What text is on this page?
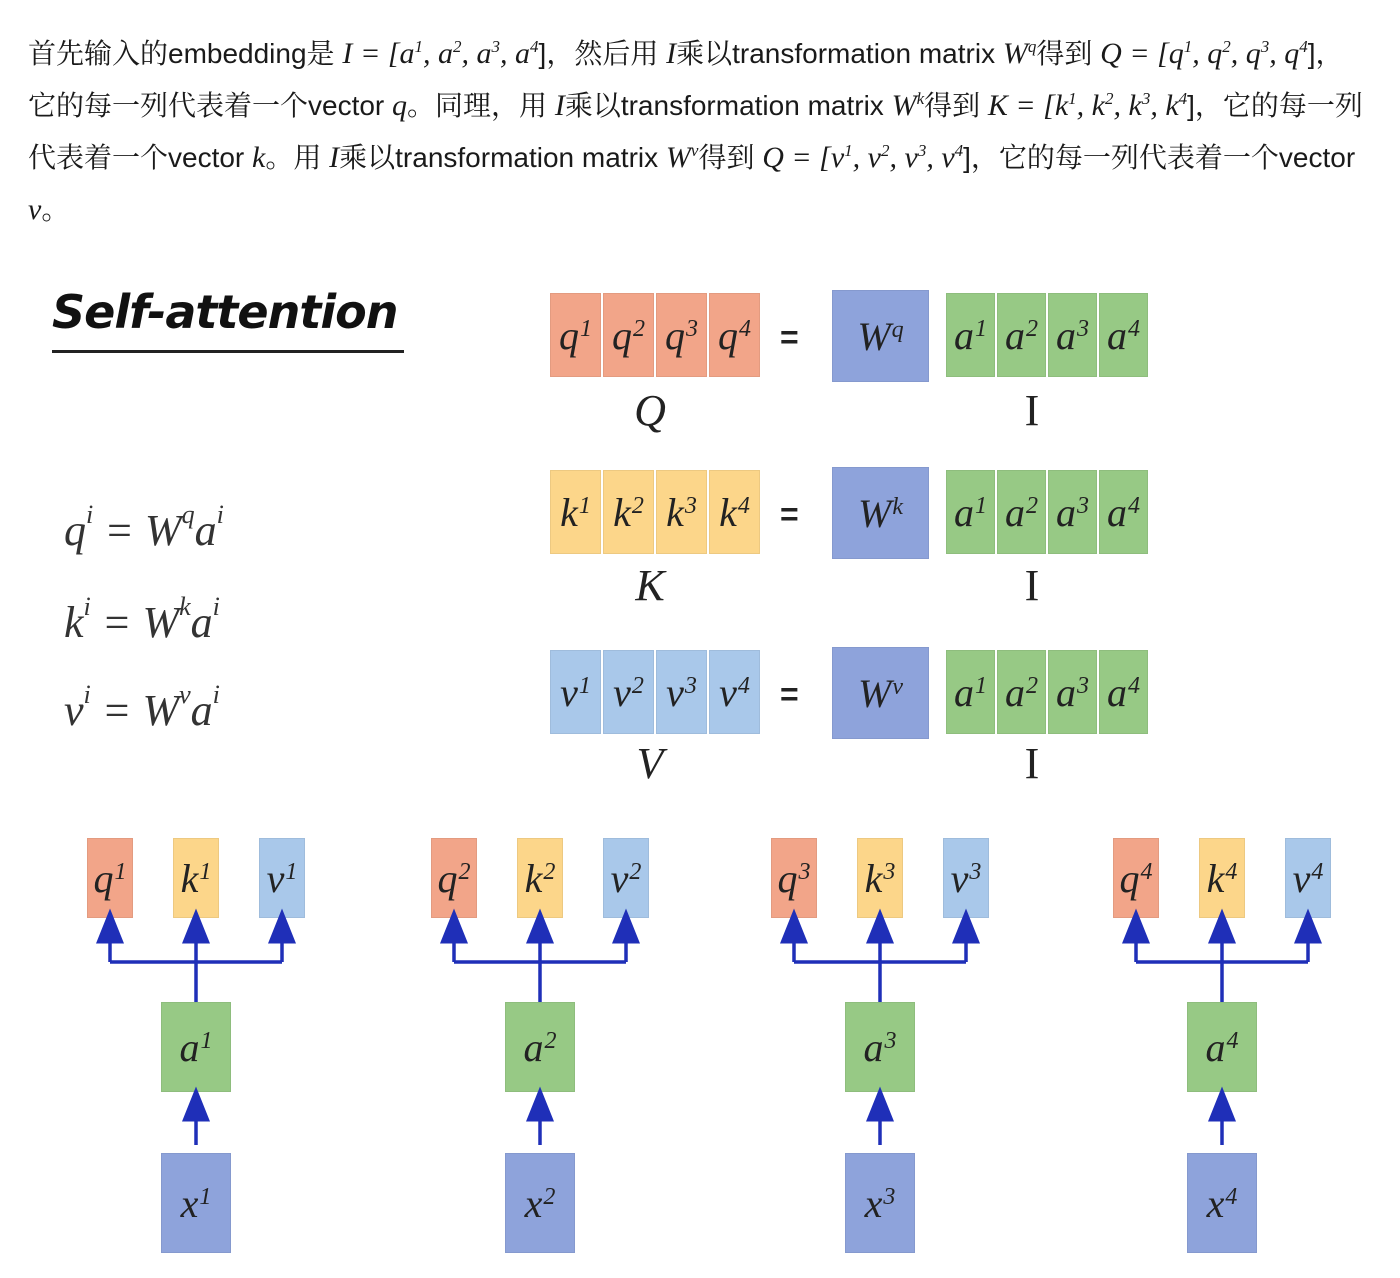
首先输入的embedding是 $I = [a^1$, $a^2$, $a^3$, $a^4$]，然后用 I乘以transformation matrix $W^q$得到 $Q = [q^1$, $q^2$, $q^3$, $q^4$]，它的每一列代表着一个vector q。同理，用 I乘以transformation matrix $W^k$得到 $K = [k^1$, $k^2$, $k^3$, $k^4$]，它的每一列代表着一个vector k。用 I乘以transformation matrix $W^v$得到 $Q = [v^1$, $v^2$, $v^3$, $v^4$]，它的每一列代表着一个vector v。
Self-attention
$q^i = W^qa^i$
$k^i = W^ka^i$
$v^i = W^va^i$
$q^1$ $q^2$ $q^3$ $q^4$
Q
= $W^q$ $a^1$ $a^2$ $a^3$ $a^4$
I
$k^1$ $k^2$ $k^3$ $k^4$
K
= $W^k$ $a^1$ $a^2$ $a^3$ $a^4$
I
$v^1$ $v^2$ $v^3$ $v^4$
V
= $W^v$ $a^1$ $a^2$ $a^3$ $a^4$
I
$q^1$ $k^1$ $v^1$
$a^1$
$x^1$
$q^2$ $k^2$ $v^2$
$a^2$
$x^2$
$q^3$ $k^3$ $v^3$
$a^3$
$x^3$
$q^4$ $k^4$ $v^4$
$a^4$
$x^4$
